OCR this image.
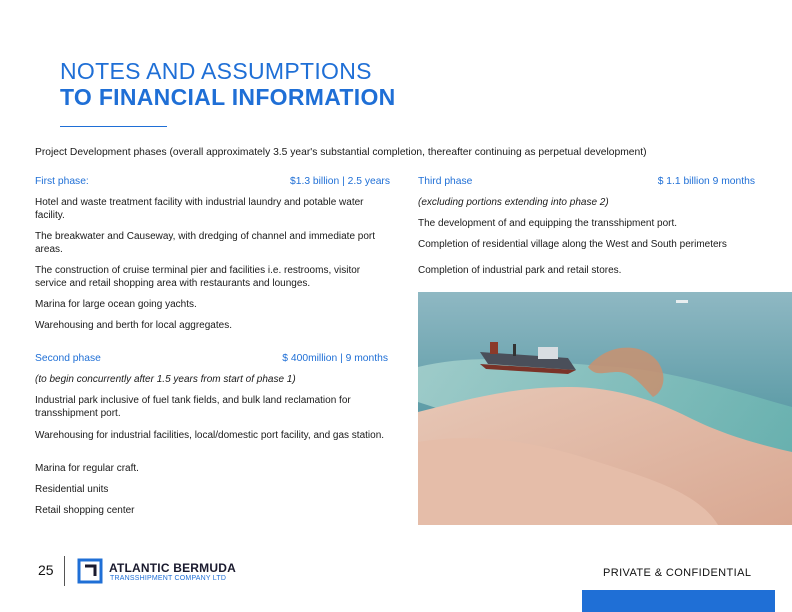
NOTES AND ASSUMPTIONS
TO FINANCIAL INFORMATION
Project Development phases (overall approximately 3.5 year's substantial completion, thereafter continuing as perpetual development)
First phase:	$1.3 billion | 2.5 years

Hotel and waste treatment facility with industrial laundry and potable water facility.

The breakwater and Causeway, with dredging of channel and immediate port areas.

The construction of cruise terminal pier and facilities i.e. restrooms, visitor service and retail shopping area with restaurants and lounges.

Marina for large ocean going yachts.

Warehousing and berth for local aggregates.

Second phase	$ 400million | 9 months

(to begin concurrently after 1.5 years from start of phase 1)

Industrial park inclusive of fuel tank fields, and bulk land reclamation for transshipment port.

Warehousing for industrial facilities, local/domestic port facility, and gas station.

Marina for regular craft.

Residential units

Retail shopping center

Third phase	$ 1.1 billion 9 months

(excluding portions extending into phase 2)

The development of and equipping the transshipment port.

Completion of residential village along the West and South perimeters

Completion of industrial park and retail stores.

25	ATLANTIC BERMUDA
TRANSSHIPMENT COMPANY LTD	PRIVATE & CONFIDENTIAL
